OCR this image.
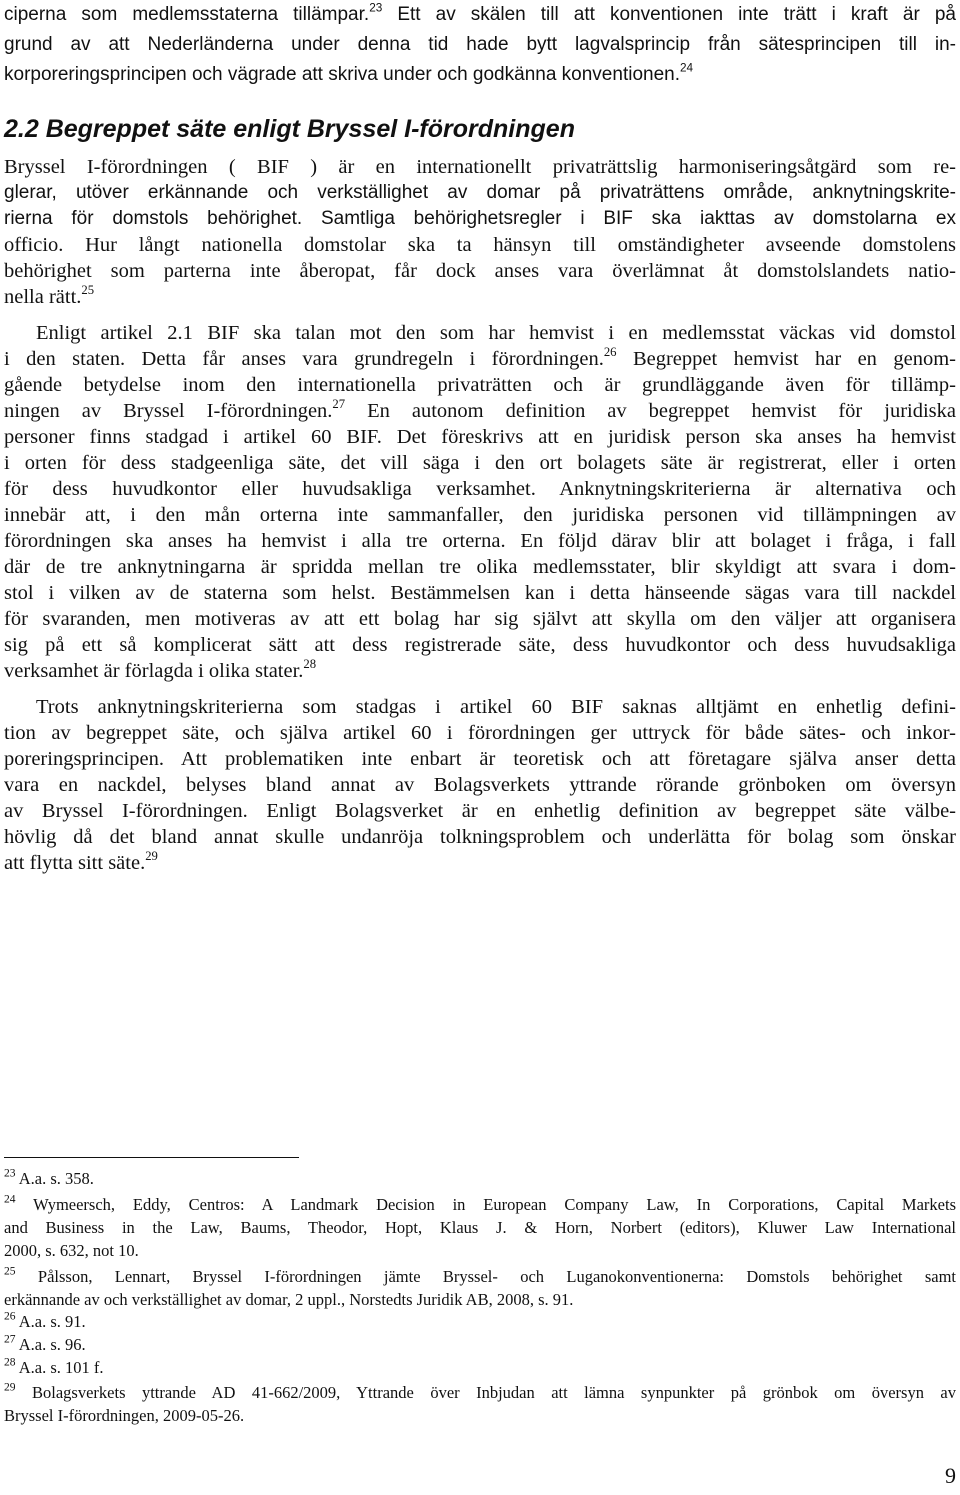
ciperna som medlemsstaterna tillämpar.$^{23}$ Ett av skälen till att konventionen inte trätt i kraft är på
grund av att Nederländerna under denna tid hade bytt lagvalsprincip från sätesprincipen till in-
korporeringsprincipen och vägrade att skriva under och godkänna konventionen.$^{24}$
2.2 Begreppet säte enligt Bryssel I-förordningen
Bryssel I-förordningen ( BIF ) är en internationellt privaträttslig harmoniseringsåtgärd som re-
glerar, utöver erkännande och verkställighet av domar på privaträttens område, anknytningskrite-
rierna för domstols behörighet. Samtliga behörighetsregler i BIF ska iakttas av domstolarna ex
officio. Hur långt nationella domstolar ska ta hänsyn till omständigheter avseende domstolens
behörighet som parterna inte åberopat, får dock anses vara överlämnat åt domstolslandets natio-
nella rätt.$^{25}$
Enligt artikel 2.1 BIF ska talan mot den som har hemvist i en medlemsstat väckas vid domstol
i den staten. Detta får anses vara grundregeln i förordningen.$^{26}$ Begreppet hemvist har en genom-
gående betydelse inom den internationella privaträtten och är grundläggande även för tillämp-
ningen av Bryssel I-förordningen.$^{27}$ En autonom definition av begreppet hemvist för juridiska
personer finns stadgad i artikel 60 BIF. Det föreskrivs att en juridisk person ska anses ha hemvist
i orten för dess stadgeenliga säte, det vill säga i den ort bolagets säte är registrerat, eller i orten
för dess huvudkontor eller huvudsakliga verksamhet. Anknytningskriterierna är alternativa och
innebär att, i den mån orterna inte sammanfaller, den juridiska personen vid tillämpningen av
förordningen ska anses ha hemvist i alla tre orterna. En följd därav blir att bolaget i fråga, i fall
där de tre anknytningarna är spridda mellan tre olika medlemsstater, blir skyldigt att svara i dom-
stol i vilken av de staterna som helst. Bestämmelsen kan i detta hänseende sägas vara till nackdel
för svaranden, men motiveras av att ett bolag har sig självt att skylla om den väljer att organisera
sig på ett så komplicerat sätt att dess registrerade säte, dess huvudkontor och dess huvudsakliga
verksamhet är förlagda i olika stater.$^{28}$
Trots anknytningskriterierna som stadgas i artikel 60 BIF saknas alltjämt en enhetlig defini-
tion av begreppet säte, och själva artikel 60 i förordningen ger uttryck för både sätes- och inkor-
poreringsprincipen. Att problematiken inte enbart är teoretisk och att företagare själva anser detta
vara en nackdel, belyses bland annat av Bolagsverkets yttrande rörande grönboken om översyn
av Bryssel I-förordningen. Enligt Bolagsverket är en enhetlig definition av begreppet säte välbe-
hövlig då det bland annat skulle undanröja tolkningsproblem och underlätta för bolag som önskar
att flytta sitt säte.$^{29}$
$^{23}$ A.a. s. 358.
$^{24}$ Wymeersch, Eddy, Centros: A Landmark Decision in European Company Law, In Corporations, Capital Markets
and Business in the Law, Baums, Theodor, Hopt, Klaus J. & Horn, Norbert (editors), Kluwer Law International
2000, s. 632, not 10.
$^{25}$ Pålsson, Lennart, Bryssel I-förordningen jämte Bryssel- och Luganokonventionerna: Domstols behörighet samt
erkännande av och verkställighet av domar, 2 uppl., Norstedts Juridik AB, 2008, s. 91.
$^{26}$ A.a. s. 91.
$^{27}$ A.a. s. 96.
$^{28}$ A.a. s. 101 f.
$^{29}$ Bolagsverkets yttrande AD 41-662/2009, Yttrande över Inbjudan att lämna synpunkter på grönbok om översyn av
Bryssel I-förordningen, 2009-05-26.
9
